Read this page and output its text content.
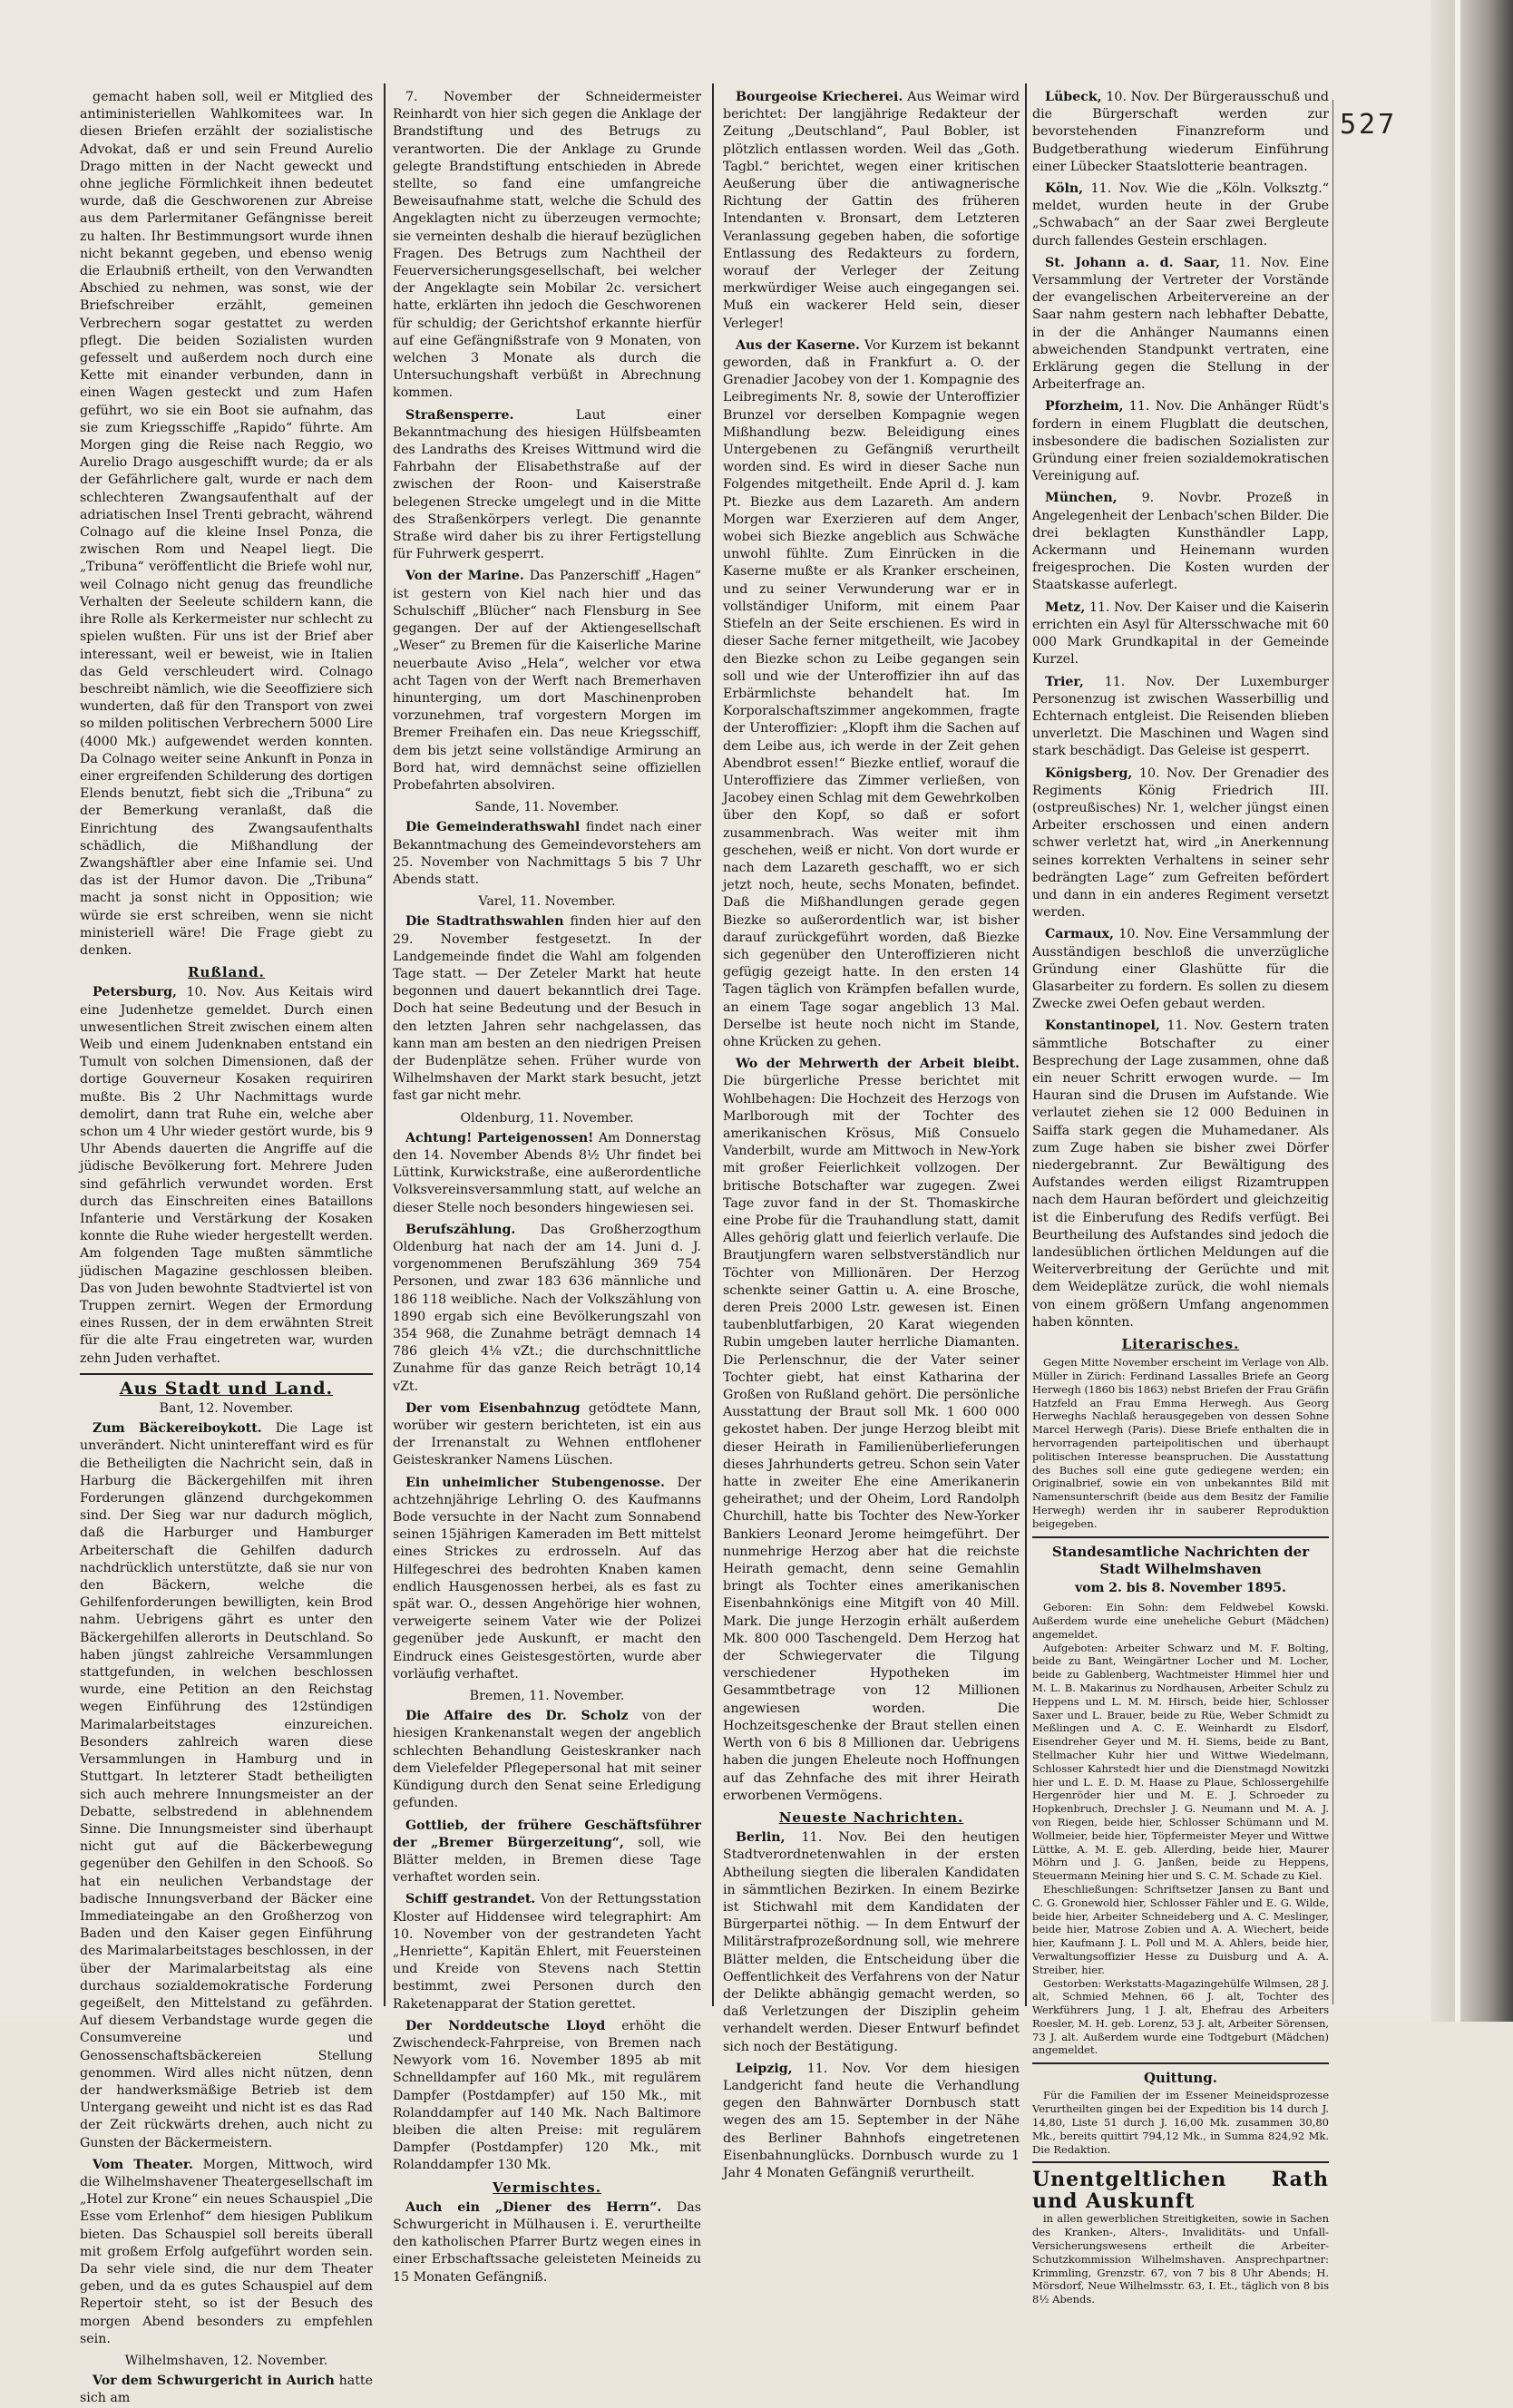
527

gemacht haben soll, weil er Mitglied des antiministeriellen Wahlkomitees war. In diesen Briefen erzählt der sozialistische Advokat, daß er und sein Freund Aurelio Drago mitten in der Nacht geweckt und ohne jegliche Förmlichkeit ihnen bedeutet wurde, daß die Geschworenen zur Abreise aus dem Parlermitaner Gefängnisse bereit zu halten. Ihr Bestimmungsort wurde ihnen nicht bekannt gegeben, und ebenso wenig die Erlaubniß ertheilt, von den Verwandten Abschied zu nehmen, was sonst, wie der Briefschreiber erzählt, gemeinen Verbrechern sogar gestattet zu werden pflegt. Die beiden Sozialisten wurden gefesselt und außerdem noch durch eine Kette mit einander verbunden, dann in einen Wagen gesteckt und zum Hafen geführt, wo sie ein Boot sie aufnahm, das sie zum Kriegsschiffe „Rapido“ führte. Am Morgen ging die Reise nach Reggio, wo Aurelio Drago ausgeschifft wurde; da er als der Gefährlichere galt, wurde er nach dem schlechteren Zwangsaufenthalt auf der adriatischen Insel Trenti gebracht, während Colnago auf die kleine Insel Ponza, die zwischen Rom und Neapel liegt. Die „Tribuna“ veröffentlicht die Briefe wohl nur, weil Colnago nicht genug das freundliche Verhalten der Seeleute schildern kann, die ihre Rolle als Kerkermeister nur schlecht zu spielen wußten. Für uns ist der Brief aber interessant, weil er beweist, wie in Italien das Geld verschleudert wird. Colnago beschreibt nämlich, wie die Seeoffiziere sich wunderten, daß für den Transport von zwei so milden politischen Verbrechern 5000 Lire (4000 Mk.) aufgewendet werden konnten. Da Colnago weiter seine Ankunft in Ponza in einer ergreifenden Schilderung des dortigen Elends benutzt, fiebt sich die „Tribuna“ zu der Bemerkung veranlaßt, daß die Einrichtung des Zwangsaufenthalts schädlich, die Mißhandlung der Zwangshäftler aber eine Infamie sei. Und das ist der Humor davon. Die „Tribuna“ macht ja sonst nicht in Opposition; wie würde sie erst schreiben, wenn sie nicht ministeriell wäre! Die Frage giebt zu denken.

Rußland.

Petersburg, 10. Nov. Aus Keitais wird eine Judenhetze gemeldet. Durch einen unwesentlichen Streit zwischen einem alten Weib und einem Judenknaben entstand ein Tumult von solchen Dimensionen, daß der dortige Gouverneur Kosaken requiriren mußte. Bis 2 Uhr Nachmittags wurde demolirt, dann trat Ruhe ein, welche aber schon um 4 Uhr wieder gestört wurde, bis 9 Uhr Abends dauerten die Angriffe auf die jüdische Bevölkerung fort. Mehrere Juden sind gefährlich verwundet worden. Erst durch das Einschreiten eines Bataillons Infanterie und Verstärkung der Kosaken konnte die Ruhe wieder hergestellt werden. Am folgenden Tage mußten sämmtliche jüdischen Magazine geschlossen bleiben. Das von Juden bewohnte Stadtviertel ist von Truppen zernirt. Wegen der Ermordung eines Russen, der in dem erwähnten Streit für die alte Frau eingetreten war, wurden zehn Juden verhaftet.

Aus Stadt und Land.
Bant, 12. November.

Zum Bäckereiboykott. Die Lage ist unverändert. Nicht unintereffant wird es für die Betheiligten die Nachricht sein, daß in Harburg die Bäckergehilfen mit ihren Forderungen glänzend durchgekommen sind. Der Sieg war nur dadurch möglich, daß die Harburger und Hamburger Arbeiterschaft die Gehilfen dadurch nachdrücklich unterstützte, daß sie nur von den Bäckern, welche die Gehilfenforderungen bewilligten, kein Brod nahm. Uebrigens gährt es unter den Bäckergehilfen allerorts in Deutschland. So haben jüngst zahlreiche Versammlungen stattgefunden, in welchen beschlossen wurde, eine Petition an den Reichstag wegen Einführung des 12stündigen Marimalarbeitstages einzureichen. Besonders zahlreich waren diese Versammlungen in Hamburg und in Stuttgart. In letzterer Stadt betheiligten sich auch mehrere Innungsmeister an der Debatte, selbstredend in ablehnendem Sinne. Die Innungsmeister sind überhaupt nicht gut auf die Bäckerbewegung gegenüber den Gehilfen in den Schooß. So hat ein neulichen Verbandstage der badische Innungsverband der Bäcker eine Immediateingabe an den Großherzog von Baden und den Kaiser gegen Einführung des Marimalarbeitstages beschlossen, in der über der Marimalarbeitstag als eine durchaus sozialdemokratische Forderung gegeißelt, den Mittelstand zu gefährden. Auf diesem Verbandstage wurde gegen die Consumvereine und Genossenschaftsbäckereien Stellung genommen. Wird alles nicht nützen, denn der handwerksmäßige Betrieb ist dem Untergang geweiht und nicht ist es das Rad der Zeit rückwärts drehen, auch nicht zu Gunsten der Bäckermeistern.

Vom Theater. Morgen, Mittwoch, wird die Wilhelmshavener Theatergesellschaft im „Hotel zur Krone“ ein neues Schauspiel „Die Esse vom Erlenhof“ dem hiesigen Publikum bieten. Das Schauspiel soll bereits überall mit großem Erfolg aufgeführt worden sein. Da sehr viele sind, die nur dem Theater geben, und da es gutes Schauspiel auf dem Repertoir steht, so ist der Besuch des morgen Abend besonders zu empfehlen sein.

Wilhelmshaven, 12. November.

Vor dem Schwurgericht in Aurich hatte sich am

7. November der Schneidermeister Reinhardt von hier sich gegen die Anklage der Brandstiftung und des Betrugs zu verantworten. Die der Anklage zu Grunde gelegte Brandstiftung entschieden in Abrede stellte, so fand eine umfangreiche Beweisaufnahme statt, welche die Schuld des Angeklagten nicht zu überzeugen vermochte; sie verneinten deshalb die hierauf bezüglichen Fragen. Des Betrugs zum Nachtheil der Feuerversicherungsgesellschaft, bei welcher der Angeklagte sein Mobilar 2c. versichert hatte, erklärten ihn jedoch die Geschworenen für schuldig; der Gerichtshof erkannte hierfür auf eine Gefängnißstrafe von 9 Monaten, von welchen 3 Monate als durch die Untersuchungshaft verbüßt in Abrechnung kommen.

Straßensperre.	Laut einer Bekanntmachung des hiesigen Hülfsbeamten des Landraths des Kreises Wittmund wird die Fahrbahn der Elisabethstraße auf der zwischen der Roon- und Kaiserstraße belegenen Strecke umgelegt und in die Mitte des Straßenkörpers verlegt. Die genannte Straße wird daher bis zu ihrer Fertigstellung für Fuhrwerk gesperrt.

Von der Marine. Das Panzerschiff „Hagen“ ist gestern von Kiel nach hier und das Schulschiff „Blücher“ nach Flensburg in See gegangen. Der auf der Aktiengesellschaft „Weser“ zu Bremen für die Kaiserliche Marine neuerbaute Aviso „Hela“, welcher vor etwa acht Tagen von der Werft nach Bremerhaven hinunterging, um dort Maschinenproben vorzunehmen, traf vorgestern Morgen im Bremer Freihafen ein. Das neue Kriegsschiff, dem bis jetzt seine vollständige Armirung an Bord hat, wird demnächst seine offiziellen Probefahrten absolviren.

Sande, 11. November.

Die Gemeinderathswahl findet nach einer Bekanntmachung des Gemeindevorstehers am 25. November von Nachmittags 5 bis 7 Uhr Abends statt.

Varel, 11. November.

Die Stadtrathswahlen finden hier auf den 29. November festgesetzt. In der Landgemeinde findet die Wahl am folgenden Tage statt. — Der Zeteler Markt hat heute begonnen und dauert bekanntlich drei Tage. Doch hat seine Bedeutung und der Besuch in den letzten Jahren sehr nachgelassen, das kann man am besten an den niedrigen Preisen der Budenplätze sehen. Früher wurde von Wilhelmshaven der Markt stark besucht, jetzt fast gar nicht mehr.

Oldenburg, 11. November.

Achtung! Parteigenossen! Am Donnerstag den 14. November Abends 8½ Uhr findet bei Lüttink, Kurwickstraße, eine außerordentliche Volksvereinsversammlung statt, auf welche an dieser Stelle noch besonders hingewiesen sei.

Berufszählung. Das Großherzogthum Oldenburg hat nach der am 14. Juni d. J. vorgenommenen Berufszählung 369 754 Personen, und zwar 183 636 männliche und 186 118 weibliche. Nach der Volkszählung von 1890 ergab sich eine Bevölkerungszahl von 354 968, die Zunahme beträgt demnach 14 786 gleich 4⅛ vZt.; die durchschnittliche Zunahme für das ganze Reich beträgt 10,14 vZt.

Der vom Eisenbahnzug getödtete Mann, worüber wir gestern berichteten, ist ein aus der Irrenanstalt zu Wehnen entflohener Geisteskranker Namens Lüschen.

Ein unheimlicher Stubengenosse. Der achtzehnjährige Lehrling O. des Kaufmanns Bode versuchte in der Nacht zum Sonnabend seinen 15jährigen Kameraden im Bett mittelst eines Strickes zu erdrosseln. Auf das Hilfegeschrei des bedrohten Knaben kamen endlich Hausgenossen herbei, als es fast zu spät war. O., dessen Angehörige hier wohnen, verweigerte seinem Vater wie der Polizei gegenüber jede Auskunft, er macht den Eindruck eines Geistesgestörten, wurde aber vorläufig verhaftet.

Bremen, 11. November.

Die Affaire des Dr. Scholz von der hiesigen Krankenanstalt wegen der angeblich schlechten Behandlung Geisteskranker nach dem Vielefelder Pflegepersonal hat mit seiner Kündigung durch den Senat seine Erledigung gefunden.

Gottlieb, der frühere Geschäftsführer der „Bremer Bürgerzeitung“, soll, wie Blätter melden, in Bremen diese Tage verhaftet worden sein.

Schiff gestrandet. Von der Rettungsstation Kloster auf Hiddensee wird telegraphirt: Am 10. November von der gestrandeten Yacht „Henriette“, Kapitän Ehlert, mit Feuersteinen und Kreide von Stevens nach Stettin bestimmt, zwei Personen durch den Raketenapparat der Station gerettet.

Der Norddeutsche Lloyd erhöht die Zwischendeck-Fahrpreise, von Bremen nach Newyork vom 16. November 1895 ab mit Schnelldampfer auf 160 Mk., mit regulärem Dampfer (Postdampfer) auf 150 Mk., mit Rolanddampfer auf 140 Mk. Nach Baltimore bleiben die alten Preise: mit regulärem Dampfer (Postdampfer) 120 Mk., mit Rolanddampfer 130 Mk.

Vermischtes.

Auch ein „Diener des Herrn“. Das Schwurgericht in Mülhausen i. E. verurtheilte den katholischen Pfarrer Burtz wegen eines in einer Erbschaftssache geleisteten Meineids zu 15 Monaten Gefängniß.

Bourgeoise Kriecherei. Aus Weimar wird berichtet: Der langjährige Redakteur der Zeitung „Deutschland“, Paul Bobler, ist plötzlich entlassen worden. Weil das „Goth. Tagbl.“ berichtet, wegen einer kritischen Aeußerung über die antiwagnerische Richtung der Gattin des früheren Intendanten v. Bronsart, dem Letzteren Veranlassung gegeben haben, die sofortige Entlassung des Redakteurs zu fordern, worauf der Verleger der Zeitung merkwürdiger Weise auch eingegangen sei. Muß ein wackerer Held sein, dieser Verleger!

Aus der Kaserne. Vor Kurzem ist bekannt geworden, daß in Frankfurt a. O. der Grenadier Jacobey von der 1. Kompagnie des Leibregiments Nr. 8, sowie der Unteroffizier Brunzel vor derselben Kompagnie wegen Mißhandlung bezw. Beleidigung eines Untergebenen zu Gefängniß verurtheilt worden sind. Es wird in dieser Sache nun Folgendes mitgetheilt. Ende April d. J. kam Pt. Biezke aus dem Lazareth. Am andern Morgen war Exerzieren auf dem Anger, wobei sich Biezke angeblich aus Schwäche unwohl fühlte. Zum Einrücken in die Kaserne mußte er als Kranker erscheinen, und zu seiner Verwunderung war er in vollständiger Uniform, mit einem Paar Stiefeln an der Seite erschienen. Es wird in dieser Sache ferner mitgetheilt, wie Jacobey den Biezke schon zu Leibe gegangen sein soll und wie der Unteroffizier ihn auf das Erbärmlichste behandelt hat. Im Korporalschaftszimmer angekommen, fragte der Unteroffizier: „Klopft ihm die Sachen auf dem Leibe aus, ich werde in der Zeit gehen Abendbrot essen!“ Biezke entlief, worauf die Unteroffiziere das Zimmer verließen, von Jacobey einen Schlag mit dem Gewehrkolben über den Kopf, so daß er sofort zusammenbrach. Was weiter mit ihm geschehen, weiß er nicht. Von dort wurde er nach dem Lazareth geschafft, wo er sich jetzt noch, heute, sechs Monaten, befindet. Daß die Mißhandlungen gerade gegen Biezke so außerordentlich war, ist bisher darauf zurückgeführt worden, daß Biezke sich gegenüber den Unteroffizieren nicht gefügig gezeigt hatte. In den ersten 14 Tagen täglich von Krämpfen befallen wurde, an einem Tage sogar angeblich 13 Mal. Derselbe ist heute noch nicht im Stande, ohne Krücken zu gehen.

Wo der Mehrwerth der Arbeit bleibt. Die bürgerliche Presse berichtet mit Wohlbehagen: Die Hochzeit des Herzogs von Marlborough mit der Tochter des amerikanischen Krösus, Miß Consuelo Vanderbilt, wurde am Mittwoch in New-York mit großer Feierlichkeit vollzogen. Der britische Botschafter war zugegen. Zwei Tage zuvor fand in der St. Thomaskirche eine Probe für die Trauhandlung statt, damit Alles gehörig glatt und feierlich verlaufe. Die Brautjungfern waren selbstverständlich nur Töchter von Millionären. Der Herzog schenkte seiner Gattin u. A. eine Brosche, deren Preis 2000 Lstr. gewesen ist. Einen taubenblutfarbigen, 20 Karat wiegenden Rubin umgeben lauter herrliche Diamanten. Die Perlenschnur, die der Vater seiner Tochter giebt, hat einst Katharina der Großen von Rußland gehört. Die persönliche Ausstattung der Braut soll Mk. 1 600 000 gekostet haben. Der junge Herzog bleibt mit dieser Heirath in Familienüberlieferungen dieses Jahrhunderts getreu. Schon sein Vater hatte in zweiter Ehe eine Amerikanerin geheirathet; und der Oheim, Lord Randolph Churchill, hatte bis Tochter des New-Yorker Bankiers Leonard Jerome heimgeführt. Der nunmehrige Herzog aber hat die reichste Heirath gemacht, denn seine Gemahlin bringt als Tochter eines amerikanischen Eisenbahnkönigs eine Mitgift von 40 Mill. Mark. Die junge Herzogin erhält außerdem Mk. 800 000 Taschengeld. Dem Herzog hat der Schwiegervater die Tilgung verschiedener Hypotheken im Gesammtbetrage von 12 Millionen angewiesen worden. Die Hochzeitsgeschenke der Braut stellen einen Werth von 6 bis 8 Millionen dar. Uebrigens haben die jungen Eheleute noch Hoffnungen auf das Zehnfache des mit ihrer Heirath erworbenen Vermögens.

Neueste Nachrichten.

Berlin, 11. Nov. Bei den heutigen Stadtverordnetenwahlen in der ersten Abtheilung siegten die liberalen Kandidaten in sämmtlichen Bezirken. In einem Bezirke ist Stichwahl mit dem Kandidaten der Bürgerpartei nöthig. — In dem Entwurf der Militärstrafprozeßordnung soll, wie mehrere Blätter melden, die Entscheidung über die Oeffentlichkeit des Verfahrens von der Natur der Delikte abhängig gemacht werden, so daß Verletzungen der Disziplin geheim verhandelt werden. Dieser Entwurf befindet sich noch der Bestätigung.

Leipzig, 11. Nov. Vor dem hiesigen Landgericht fand heute die Verhandlung gegen den Bahnwärter Dornbusch statt wegen des am 15. September in der Nähe des Berliner Bahnhofs eingetretenen Eisenbahnunglücks. Dornbusch wurde zu 1 Jahr 4 Monaten Gefängniß verurtheilt.

Lübeck, 10. Nov. Der Bürgerausschuß und die Bürgerschaft werden zur bevorstehenden Finanzreform und Budgetberathung wiederum Einführung einer Lübecker Staatslotterie beantragen.

Köln, 11. Nov. Wie die „Köln. Volksztg.“ meldet, wurden heute in der Grube „Schwabach“ an der Saar zwei Bergleute durch fallendes Gestein erschlagen.

St. Johann a. d. Saar, 11. Nov. Eine Versammlung der Vertreter der Vorstände der evangelischen Arbeitervereine an der Saar nahm gestern nach lebhafter Debatte, in der die Anhänger Naumanns einen abweichenden Standpunkt vertraten, eine Erklärung gegen die Stellung in der Arbeiterfrage an.

Pforzheim, 11. Nov. Die Anhänger Rüdt's fordern in einem Flugblatt die deutschen, insbesondere die badischen Sozialisten zur Gründung einer freien sozialdemokratischen Vereinigung auf.

München, 9. Novbr. Prozeß in Angelegenheit der Lenbach'schen Bilder. Die drei beklagten Kunsthändler Lapp, Ackermann und Heinemann wurden freigesprochen. Die Kosten wurden der Staatskasse auferlegt.

Metz, 11. Nov. Der Kaiser und die Kaiserin errichten ein Asyl für Altersschwache mit 60 000 Mark Grundkapital in der Gemeinde Kurzel.

Trier, 11. Nov. Der Luxemburger Personenzug ist zwischen Wasserbillig und Echternach entgleist. Die Reisenden blieben unverletzt. Die Maschinen und Wagen sind stark beschädigt. Das Geleise ist gesperrt.

Königsberg, 10. Nov. Der Grenadier des Regiments König Friedrich III. (ostpreußisches) Nr. 1, welcher jüngst einen Arbeiter erschossen und einen andern schwer verletzt hat, wird „in Anerkennung seines korrekten Verhaltens in seiner sehr bedrängten Lage“ zum Gefreiten befördert und dann in ein anderes Regiment versetzt werden.

Carmaux, 10. Nov. Eine Versammlung der Ausständigen beschloß die unverzügliche Gründung einer Glashütte für die Glasarbeiter zu fordern. Es sollen zu diesem Zwecke zwei Oefen gebaut werden.

Konstantinopel, 11. Nov. Gestern traten sämmtliche Botschafter zu einer Besprechung der Lage zusammen, ohne daß ein neuer Schritt erwogen wurde. — Im Hauran sind die Drusen im Aufstande. Wie verlautet ziehen sie 12 000 Beduinen in Saiffa stark gegen die Muhamedaner. Als zum Zuge haben sie bisher zwei Dörfer niedergebrannt. Zur Bewältigung des Aufstandes werden eiligst Rizamtruppen nach dem Hauran befördert und gleichzeitig ist die Einberufung des Redifs verfügt. Bei Beurtheilung des Aufstandes sind jedoch die landesüblichen örtlichen Meldungen auf die Weiterverbreitung der Gerüchte und mit dem Weideplätze zurück, die wohl niemals von einem größern Umfang angenommen haben könnten.

Literarisches.

Gegen Mitte November erscheint im Verlage von Alb. Müller in Zürich: Ferdinand Lassalles Briefe an Georg Herwegh (1860 bis 1863) nebst Briefen der Frau Gräfin Hatzfeld an Frau Emma Herwegh. Aus Georg Herweghs Nachlaß herausgegeben von dessen Sohne Marcel Herwegh (Paris). Diese Briefe enthalten die in hervorragenden parteipolitischen und überhaupt politischen Interesse beanspruchen. Die Ausstattung des Buches soll eine gute gediegene werden; ein Originalbrief, sowie ein von unbekanntes Bild mit Namensunterschrift (beide aus dem Besitz der Familie Herwegh) werden ihr in sauberer Reproduktion beigegeben.

Standesamtliche Nachrichten der Stadt Wilhelmshaven
vom 2. bis 8. November 1895.

Geboren: Ein Sohn: dem Feldwebel Kowski. Außerdem wurde eine uneheliche Geburt (Mädchen) angemeldet.

Aufgeboten: Arbeiter Schwarz und M. F. Bolting, beide zu Bant, Weingärtner Locher und M. Locher, beide zu Gablenberg, Wachtmeister Himmel hier und M. L. B. Makarinus zu Nordhausen, Arbeiter Schulz zu Heppens und L. M. M. Hirsch, beide hier, Schlosser Saxer und L. Brauer, beide zu Rüe, Weber Schmidt zu Meßlingen und A. C. E. Weinhardt zu Elsdorf, Eisendreher Geyer und M. H. Siems, beide zu Bant, Stellmacher Kuhr hier und Wittwe Wiedelmann, Schlosser Kahrstedt hier und die Dienstmagd Nowitzki hier und L. E. D. M. Haase zu Plaue, Schlossergehilfe Hergenröder hier und M. E. J. Schroeder zu Hopkenbruch, Drechsler J. G. Neumann und M. A. J. von Riegen, beide hier, Schlosser Schümann und M. Wollmeier, beide hier, Töpfermeister Meyer und Wittwe Lüttke, A. M. E. geb. Allerding, beide hier, Maurer Möhrn und J. G. Janßen, beide zu Heppens, Steuermann Meining hier und S. C. M. Schade zu Kiel.

Eheschließungen: Schriftsetzer Jansen zu Bant und C. G. Gronewold hier, Schlosser Fähler und E. G. Wilde, beide hier, Arbeiter Schneideberg und A. C. Meslinger, beide hier, Matrose Zobien und A. A. Wiechert, beide hier, Kaufmann J. L. Poll und M. A. Ahlers, beide hier, Verwaltungsoffizier Hesse zu Duisburg und A. A. Streiber, hier.

Gestorben: Werkstatts-Magazingehülfe Wilmsen, 28 J. alt, Schmied Mehnen, 66 J. alt, Tochter des Werkführers Jung, 1 J. alt, Ehefrau des Arbeiters Roesler, M. H. geb. Lorenz, 53 J. alt, Arbeiter Sörensen, 73 J. alt. Außerdem wurde eine Todtgeburt (Mädchen) angemeldet.

Quittung.

Für die Familien der im Essener Meineidsprozesse Verurtheilten gingen bei der Expedition bis 14 durch J. 14,80, Liste 51 durch J. 16,00 Mk. zusammen 30,80 Mk., bereits quittirt 794,12 Mk., in Summa 824,92 Mk. Die Redaktion.

Unentgeltlichen Rath und Auskunft

in allen gewerblichen Streitigkeiten, sowie in Sachen des Kranken-, Alters-, Invaliditäts- und Unfall-Versicherungswesens ertheilt die Arbeiter-Schutzkommission Wilhelmshaven. Ansprechpartner: Krimmling, Grenzstr. 67, von 7 bis 8 Uhr Abends; H. Mörsdorf, Neue Wilhelmsstr. 63, I. Et., täglich von 8 bis 8½ Abends.
